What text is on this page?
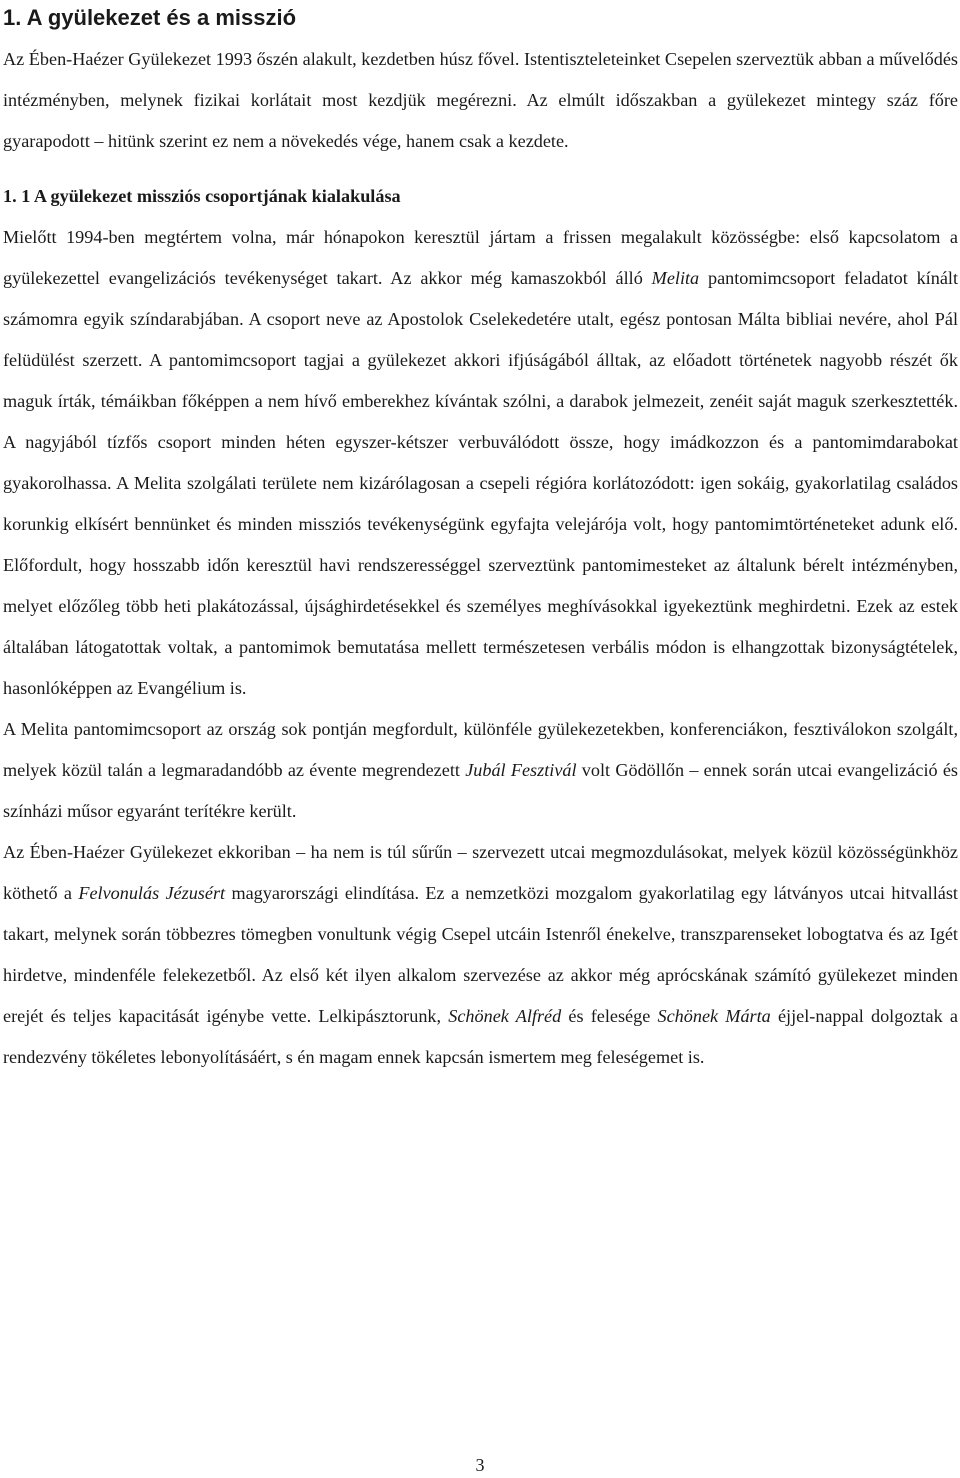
1. A gyülekezet és a misszió

Az Ében-Haézer Gyülekezet 1993 őszén alakult, kezdetben húsz fővel. Istentiszteleteinket Csepelen szerveztük abban a művelődés intézményben, melynek fizikai korlátait most kezdjük megérezni. Az elmúlt időszakban a gyülekezet mintegy száz főre gyarapodott – hitünk szerint ez nem a növekedés vége, hanem csak a kezdete.

1. 1 A gyülekezet missziós csoportjának kialakulása

Mielőtt 1994-ben megtértem volna, már hónapokon keresztül jártam a frissen megalakult közösségbe: első kapcsolatom a gyülekezettel evangelizációs tevékenységet takart. Az akkor még kamaszokból álló Melita pantomimcsoport feladatot kínált számomra egyik színdarabjában. A csoport neve az Apostolok Cselekedetére utalt, egész pontosan Málta bibliai nevére, ahol Pál felüdülést szerzett. A pantomimcsoport tagjai a gyülekezet akkori ifjúságából álltak, az előadott történetek nagyobb részét ők maguk írták, témáikban főképpen a nem hívő emberekhez kívántak szólni, a darabok jelmezeit, zenéit saját maguk szerkesztették. A nagyjából tízfős csoport minden héten egyszer-kétszer verbuválódott össze, hogy imádkozzon és a pantomimdarabokat gyakorolhassa. A Melita szolgálati területe nem kizárólagosan a csepeli régióra korlátozódott: igen sokáig, gyakorlatilag családos korunkig elkísért bennünket és minden missziós tevékenységünk egyfajta velejárója volt, hogy pantomimtörténeteket adunk elő. Előfordult, hogy hosszabb időn keresztül havi rendszerességgel szerveztünk pantomimesteket az általunk bérelt intézményben, melyet előzőleg több heti plakátozással, újsághirdetésekkel és személyes meghívásokkal igyekeztünk meghirdetni. Ezek az estek általában látogatottak voltak, a pantomimok bemutatása mellett természetesen verbális módon is elhangzottak bizonyságtételek, hasonlóképpen az Evangélium is.

A Melita pantomimcsoport az ország sok pontján megfordult, különféle gyülekezetekben, konferenciákon, fesztiválokon szolgált, melyek közül talán a legmaradandóbb az évente megrendezett Jubál Fesztivál volt Gödöllőn – ennek során utcai evangelizáció és színházi műsor egyaránt terítékre került.

Az Ében-Haézer Gyülekezet ekkoriban – ha nem is túl sűrűn – szervezett utcai megmozdulásokat, melyek közül közösségünkhöz köthető a Felvonulás Jézusért magyarországi elindítása. Ez a nemzetközi mozgalom gyakorlatilag egy látványos utcai hitvallást takart, melynek során többezres tömegben vonultunk végig Csepel utcáin Istenről énekelve, transzparenseket lobogtatva és az Igét hirdetve, mindenféle felekezetből. Az első két ilyen alkalom szervezése az akkor még aprócskának számító gyülekezet minden erejét és teljes kapacitását igénybe vette. Lelkipásztorunk, Schönek Alfréd és felesége Schönek Márta éjjel-nappal dolgoztak a rendezvény tökéletes lebonyolításáért, s én magam ennek kapcsán ismertem meg feleségemet is.

3
